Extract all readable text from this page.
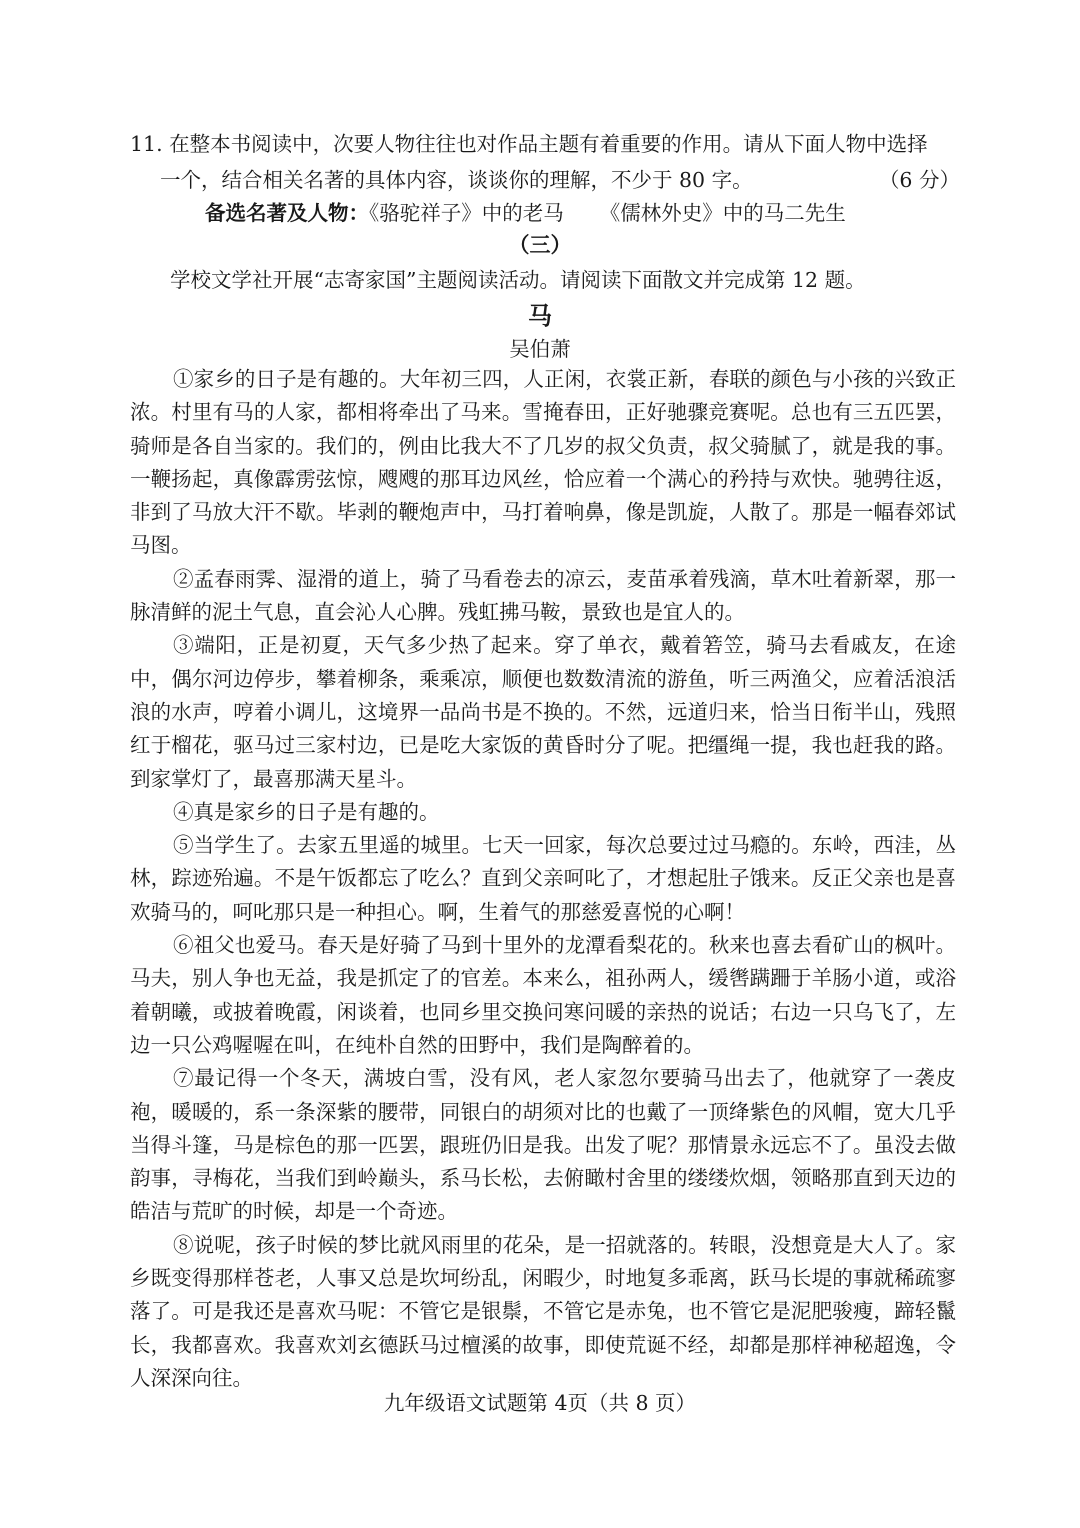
11. 在整本书阅读中，次要人物往往也对作品主题有着重要的作用。请从下面人物中选择
一个，结合相关名著的具体内容，谈谈你的理解，不少于 80 字。	（6 分）
备选名著及人物：《骆驼祥子》中的老马 《儒林外史》中的马二先生
（三）
学校文学社开展“志寄家国”主题阅读活动。请阅读下面散文并完成第 12 题。
马
吴伯萧

①家乡的日子是有趣的。大年初三四，人正闲，衣裳正新，春联的颜色与小孩的兴致正浓。村里有马的人家，都相将牵出了马来。雪掩春田，正好驰骤竞赛呢。总也有三五匹罢，骑师是各自当家的。我们的，例由比我大不了几岁的叔父负责，叔父骑腻了，就是我的事。一鞭扬起，真像霹雳弦惊，飕飕的那耳边风丝，恰应着一个满心的矜持与欢快。驰骋往返，非到了马放大汗不歇。毕剥的鞭炮声中，马打着响鼻，像是凯旋，人散了。那是一幅春郊试马图。

②孟春雨霁、湿滑的道上，骑了马看卷去的凉云，麦苗承着残滴，草木吐着新翠，那一脉清鲜的泥土气息，直会沁人心脾。残虹拂马鞍，景致也是宜人的。

③端阳，正是初夏，天气多少热了起来。穿了单衣，戴着箬笠，骑马去看戚友，在途中，偶尔河边停步，攀着柳条，乘乘凉，顺便也数数清流的游鱼，听三两渔父，应着活浪活浪的水声，哼着小调儿，这境界一品尚书是不换的。不然，远道归来，恰当日衔半山，残照红于榴花，驱马过三家村边，已是吃大家饭的黄昏时分了呢。把缰绳一提，我也赶我的路。到家掌灯了，最喜那满天星斗。

④真是家乡的日子是有趣的。

⑤当学生了。去家五里遥的城里。七天一回家，每次总要过过马瘾的。东岭，西洼，丛林，踪迹殆遍。不是午饭都忘了吃么？直到父亲呵叱了，才想起肚子饿来。反正父亲也是喜欢骑马的，呵叱那只是一种担心。啊，生着气的那慈爱喜悦的心啊！

⑥祖父也爱马。春天是好骑了马到十里外的龙潭看梨花的。秋来也喜去看矿山的枫叶。马夫，别人争也无益，我是抓定了的官差。本来么，祖孙两人，缓辔蹒跚于羊肠小道，或浴着朝曦，或披着晚霞，闲谈着，也同乡里交换问寒问暖的亲热的说话；右边一只乌飞了，左边一只公鸡喔喔在叫，在纯朴自然的田野中，我们是陶醉着的。

⑦最记得一个冬天，满坡白雪，没有风，老人家忽尔要骑马出去了，他就穿了一袭皮袍，暖暖的，系一条深紫的腰带，同银白的胡须对比的也戴了一顶绛紫色的风帽，宽大几乎当得斗篷，马是棕色的那一匹罢，跟班仍旧是我。出发了呢？那情景永远忘不了。虽没去做韵事，寻梅花，当我们到岭巅头，系马长松，去俯瞰村舍里的缕缕炊烟，领略那直到天边的皓洁与荒旷的时候，却是一个奇迹。

⑧说呢，孩子时候的梦比就风雨里的花朵，是一招就落的。转眼，没想竟是大人了。家乡既变得那样苍老，人事又总是坎坷纷乱，闲暇少，时地复多乖离，跃马长堤的事就稀疏寥落了。可是我还是喜欢马呢：不管它是银鬃，不管它是赤兔，也不管它是泥肥骏瘦，蹄轻鬣长，我都喜欢。我喜欢刘玄德跃马过檀溪的故事，即使荒诞不经，却都是那样神秘超逸，令人深深向往。

九年级语文试题第 4页（共 8 页）
